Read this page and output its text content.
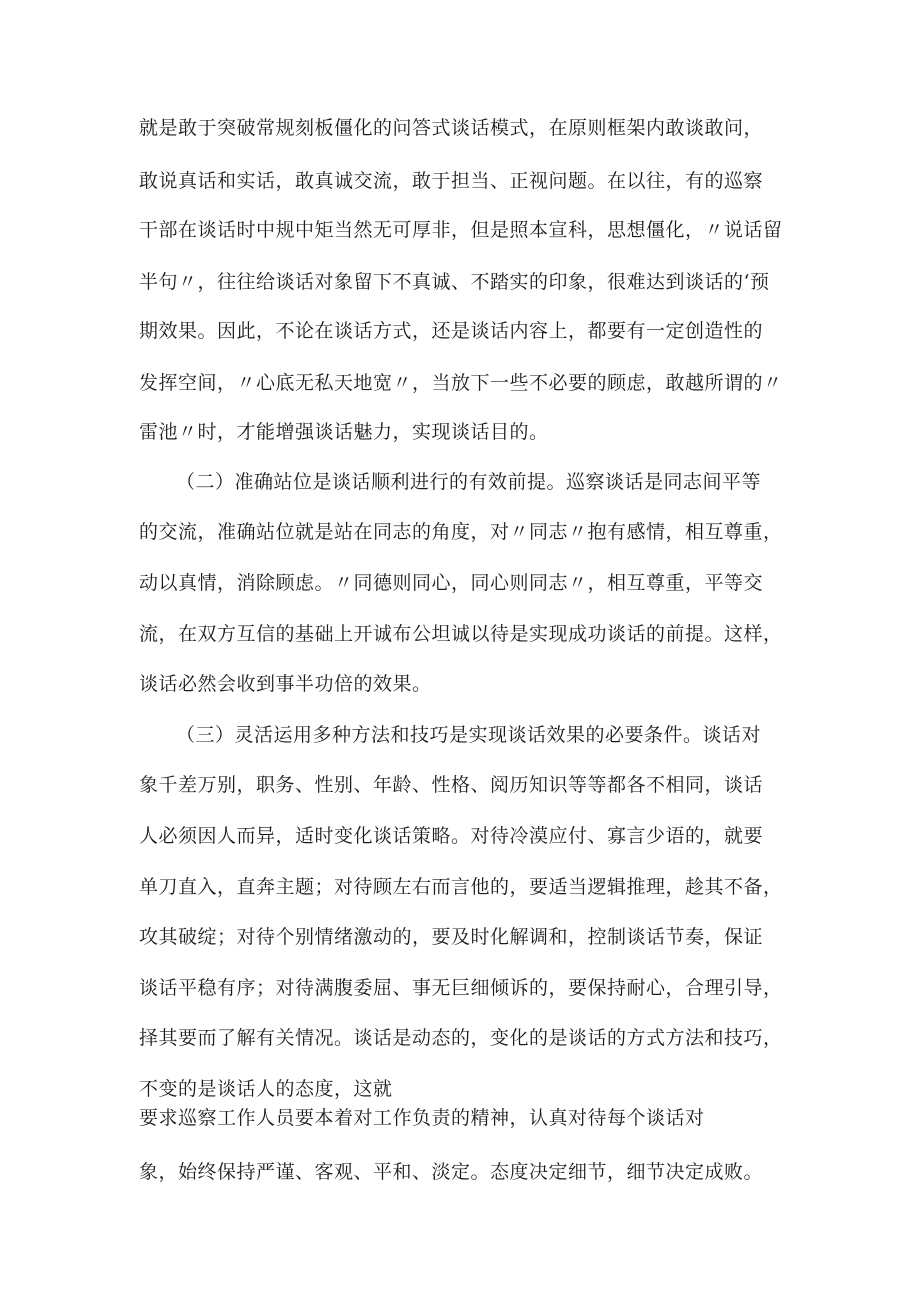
就是敢于突破常规刻板僵化的问答式谈话模式，在原则框架内敢谈敢问，
敢说真话和实话，敢真诚交流，敢于担当、正视问题。在以往，有的巡察
干部在谈话时中规中矩当然无可厚非，但是照本宣科，思想僵化，〃说话留
半句〃，往往给谈话对象留下不真诚、不踏实的印象，很难达到谈话的‘预
期效果。因此，不论在谈话方式，还是谈话内容上，都要有一定创造性的
发挥空间，〃心底无私天地宽〃，当放下一些不必要的顾虑，敢越所谓的〃
雷池〃时，才能增强谈话魅力，实现谈话目的。
（二）准确站位是谈话顺利进行的有效前提。巡察谈话是同志间平等
的交流，准确站位就是站在同志的角度，对〃同志〃抱有感情，相互尊重，
动以真情，消除顾虑。〃同德则同心，同心则同志〃，相互尊重，平等交
流，在双方互信的基础上开诚布公坦诚以待是实现成功谈话的前提。这样，
谈话必然会收到事半功倍的效果。
（三）灵活运用多种方法和技巧是实现谈话效果的必要条件。谈话对
象千差万别，职务、性别、年龄、性格、阅历知识等等都各不相同，谈话
人必须因人而异，适时变化谈话策略。对待冷漠应付、寡言少语的，就要
单刀直入，直奔主题；对待顾左右而言他的，要适当逻辑推理，趁其不备，
攻其破绽；对待个别情绪激动的，要及时化解调和，控制谈话节奏，保证
谈话平稳有序；对待满腹委屈、事无巨细倾诉的，要保持耐心，合理引导，
择其要而了解有关情况。谈话是动态的，变化的是谈话的方式方法和技巧，
不变的是谈话人的态度，这就
要求巡察工作人员要本着对工作负责的精神，认真对待每个谈话对
象，始终保持严谨、客观、平和、淡定。态度决定细节，细节决定成败。
